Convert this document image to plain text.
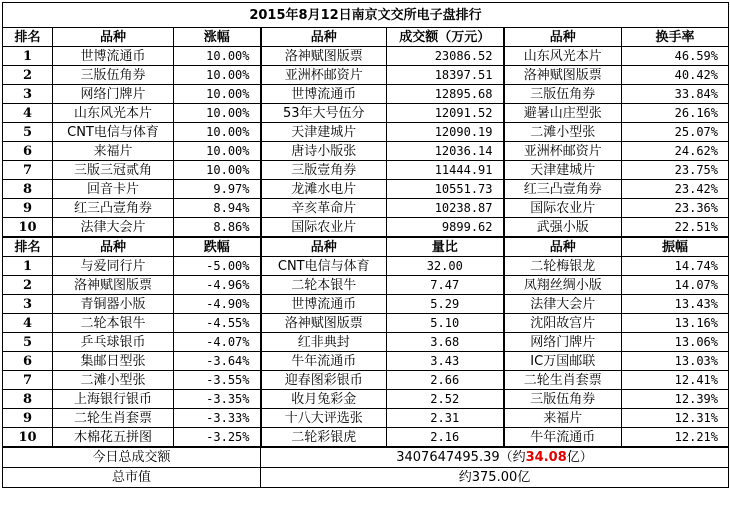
2015年8月12日南京文交所电子盘排行						
排名	品种	涨幅	品种	成交额（万元）	品种	换手率
1	世博流通币	10.00%	洛神赋图版票	23086.52	山东风光本片	46.59%
2	三版伍角券	10.00%	亚洲杯邮资片	18397.51	洛神赋图版票	40.42%
3	网络门牌片	10.00%	世博流通币	12895.68	三版伍角券	33.84%
4	山东风光本片	10.00%	53年大号伍分	12091.52	避暑山庄型张	26.16%
5	CNT电信与体育	10.00%	天津建城片	12090.19	二滩小型张	25.07%
6	来福片	10.00%	唐诗小版张	12036.14	亚洲杯邮资片	24.62%
7	三版三冠贰角	10.00%	三版壹角券	11444.91	天津建城片	23.75%
8	回音卡片	9.97%	龙滩水电片	10551.73	红三凸壹角券	23.42%
9	红三凸壹角券	8.94%	辛亥革命片	10238.87	国际农业片	23.36%
10	法律大会片	8.86%	国际农业片	9899.62	武强小版	22.51%
排名	品种	跌幅	品种	量比	品种	振幅
1	与爱同行片	-5.00%	CNT电信与体育	32.00	二轮梅银龙	14.74%
2	洛神赋图版票	-4.96%	二轮本银牛	7.47	凤翔丝绸小版	14.07%
3	青铜器小版	-4.90%	世博流通币	5.29	法律大会片	13.43%
4	二轮本银牛	-4.55%	洛神赋图版票	5.10	沈阳故宫片	13.16%
5	乒乓球银币	-4.07%	红非典封	3.68	网络门牌片	13.06%
6	集邮日型张	-3.64%	牛年流通币	3.43	IC万国邮联	13.03%
7	二滩小型张	-3.55%	迎春图彩银币	2.66	二轮生肖套票	12.41%
8	上海银行银币	-3.35%	收月兔彩金	2.52	三版伍角券	12.39%
9	二轮生肖套票	-3.33%	十八大评选张	2.31	来福片	12.31%
10	木棉花五拼图	-3.25%	二轮彩银虎	2.16	牛年流通币	12.21%
今日总成交额			3407647495.39（约34.08亿）			
总市值			约375.00亿			
